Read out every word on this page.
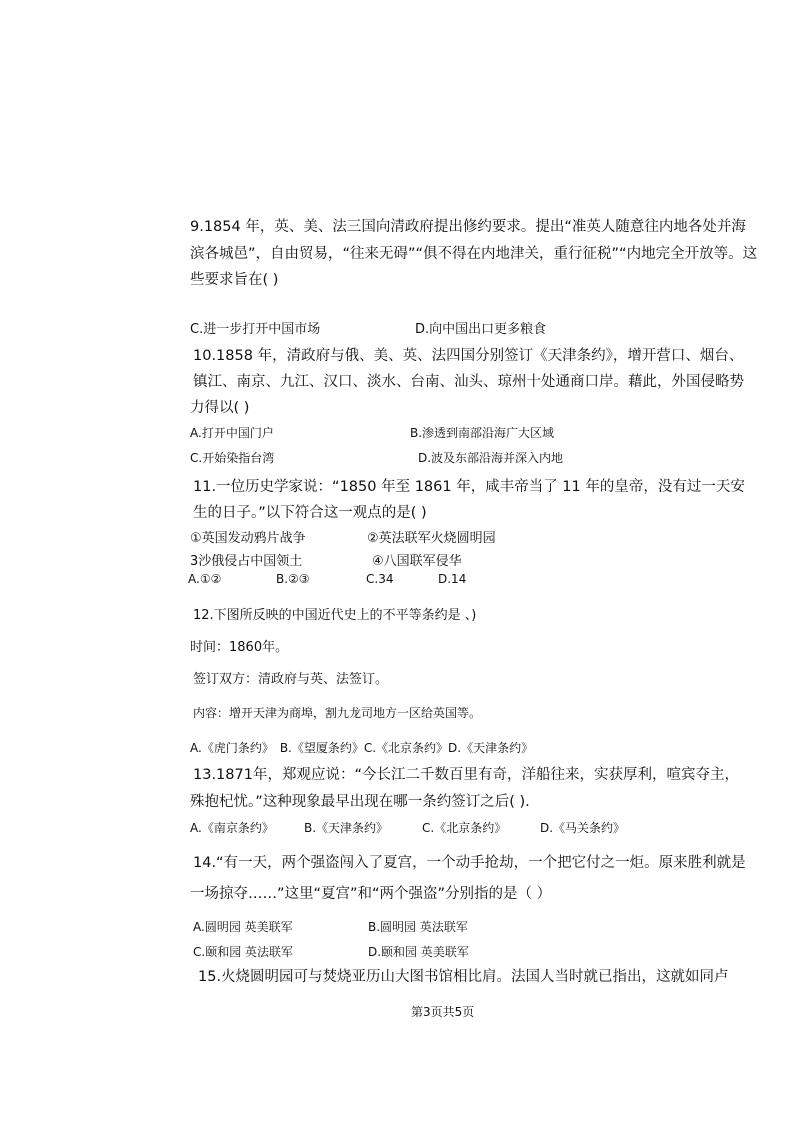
9.1854 年，英、美、法三国向清政府提出修约要求。提出“准英人随意往内地各处并海
滨各城邑”，自由贸易，“往来无碍”“俱不得在内地津关，重行征税”“内地完全开放等。这
些要求旨在( )
C.进一步打开中国市场	D.向中国出口更多粮食
10.1858 年，清政府与俄、美、英、法四国分别签订《天津条约》，增开营口、烟台、
镇江、南京、九江、汉口、淡水、台南、汕头、琼州十处通商口岸。藉此，外国侵略势
力得以( )
A.打开中国门户	B.渗透到南部沿海广大区域
C.开始染指台湾	D.波及东部沿海并深入内地
11.一位历史学家说：“1850 年至 1861 年，咸丰帝当了 11 年的皇帝，没有过一天安
生的日子。”以下符合这一观点的是( )
①英国发动鸦片战争	②英法联军火烧圆明园
3沙俄侵占中国领土	④八国联军侵华
A.①②	B.②③	C.34	D.14
12.下图所反映的中国近代史上的不平等条约是 、)
时间：1860年。
签订双方：清政府与英、法签订。
内容：增开天津为商埠，割九龙司地方一区给英国等。
A.《虎门条约》　B.《望厦条约》C.《北京条约》D.《天津条约》
13.1871年，郑观应说：“今长江二千数百里有奇，洋船往来，实获厚利，喧宾夺主，
殊抱杞忧。”这种现象最早出现在哪一条约签订之后( ).
A.《南京条约》	B.《天津条约》	C.《北京条约》	D.《马关条约》
14.“有一天，两个强盗闯入了夏宫，一个动手抢劫，一个把它付之一炬。原来胜利就是
一场掠夺……”这里“夏宫”和“两个强盗”分别指的是（ ）
A.圆明园 英美联军	B.圆明园 英法联军
C.颐和园 英法联军	D.颐和园 英美联军
15.火烧圆明园可与焚烧亚历山大图书馆相比肩。法国人当时就已指出，这就如同卢
第3页共5页
